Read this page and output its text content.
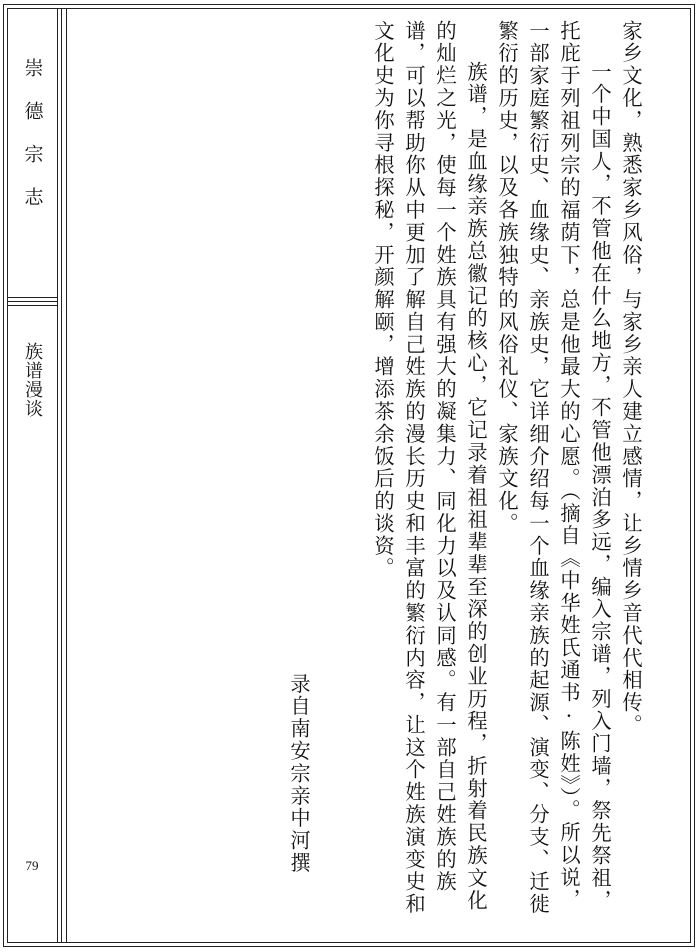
崇德宗志
族谱漫谈
79

家乡文化，熟悉家乡风俗，与家乡亲人建立感情，让乡情乡音代代相传。

一个中国人，不管他在什么地方，不管他漂泊多远，编入宗谱，列入门墙，祭先祭祖，托庇于列祖列宗的福荫下，总是他最大的心愿。（摘自《中华姓氏通书·陈姓》）。所以说，一部家庭繁衍史、血缘史、亲族史，它详细介绍每一个血缘亲族的起源、演变、分支、迁徙繁衍的历史，以及各族独特的风俗礼仪、家族文化。

族谱，是血缘亲族总徽记的核心，它记录着祖祖辈辈至深的创业历程，折射着民族文化的灿烂之光，使每一个姓族具有强大的凝集力、同化力以及认同感。有一部自己姓族的族谱，可以帮助你从中更加了解自己姓族的漫长历史和丰富的繁衍内容，让这个姓族演变史和文化史为你寻根探秘，开颜解颐，增添茶余饭后的谈资。

录自南安宗亲中河撰
